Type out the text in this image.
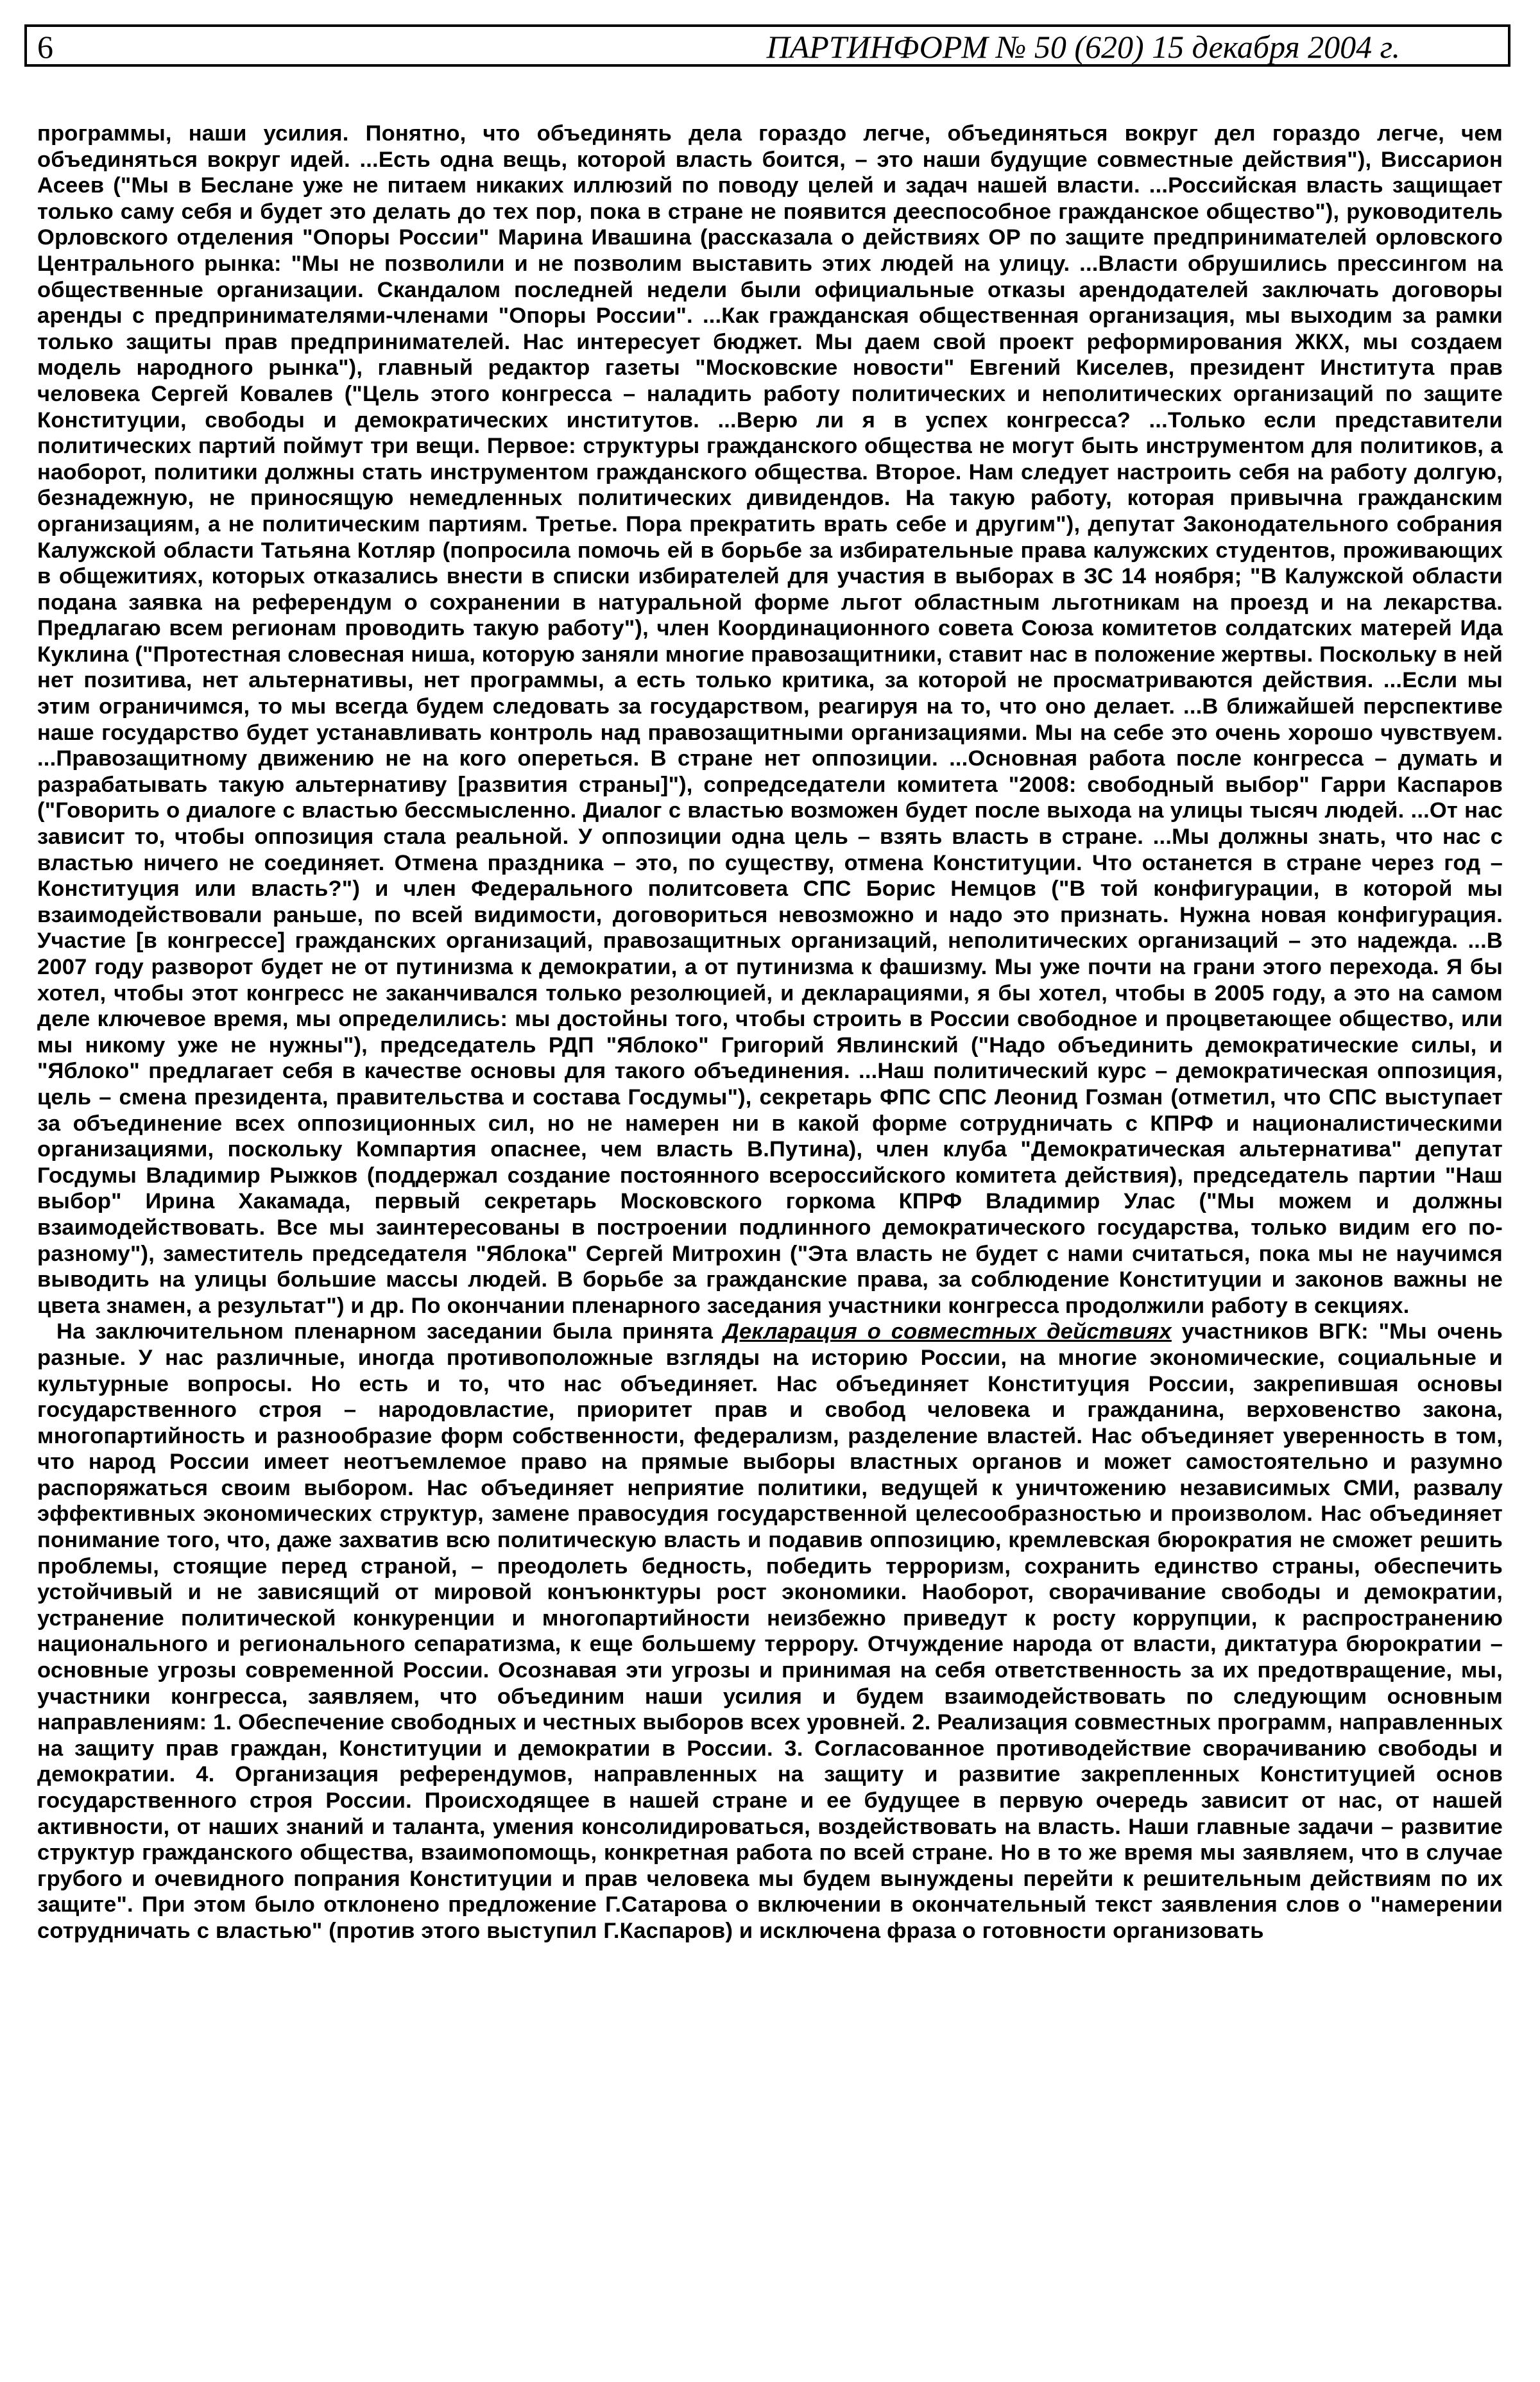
6	ПАРТИНФОРМ № 50 (620) 15 декабря 2004 г.

программы, наши усилия. Понятно, что объединять дела гораздо легче, объединяться вокруг дел гораздо легче, чем объединяться вокруг идей. ...Есть одна вещь, которой власть боится, – это наши будущие совместные действия"), Виссарион Асеев ("Мы в Беслане уже не питаем никаких иллюзий по поводу целей и задач нашей власти. ...Российская власть защищает только саму себя и будет это делать до тех пор, пока в стране не появится дееспособное гражданское общество"), руководитель Орловского отделения "Опоры России" Марина Ивашина (рассказала о действиях ОР по защите предпринимателей орловского Центрального рынка: "Мы не позволили и не позволим выставить этих людей на улицу. ...Власти обрушились прессингом на общественные организации. Скандалом последней недели были официальные отказы арендодателей заключать договоры аренды с предпринимателями-членами "Опоры России". ...Как гражданская общественная организация, мы выходим за рамки только защиты прав предпринимателей. Нас интересует бюджет. Мы даем свой проект реформирования ЖКХ, мы создаем модель народного рынка"), главный редактор газеты "Московские новости" Евгений Киселев, президент Института прав человека Сергей Ковалев ("Цель этого конгресса – наладить работу политических и неполитических организаций по защите Конституции, свободы и демократических институтов. ...Верю ли я в успех конгресса? ...Только если представители политических партий поймут три вещи. Первое: структуры гражданского общества не могут быть инструментом для политиков, а наоборот, политики должны стать инструментом гражданского общества. Второе. Нам следует настроить себя на работу долгую, безнадежную, не приносящую немедленных политических дивидендов. На такую работу, которая привычна гражданским организациям, а не политическим партиям. Третье. Пора прекратить врать себе и другим"), депутат Законодательного собрания Калужской области Татьяна Котляр (попросила помочь ей в борьбе за избирательные права калужских студентов, проживающих в общежитиях, которых отказались внести в списки избирателей для участия в выборах в ЗС 14 ноября; "В Калужской области подана заявка на референдум о сохранении в натуральной форме льгот областным льготникам на проезд и на лекарства. Предлагаю всем регионам проводить такую работу"), член Координационного совета Союза комитетов солдатских матерей Ида Куклина ("Протестная словесная ниша, которую заняли многие правозащитники, ставит нас в положение жертвы. Поскольку в ней нет позитива, нет альтернативы, нет программы, а есть только критика, за которой не просматриваются действия. ...Если мы этим ограничимся, то мы всегда будем следовать за государством, реагируя на то, что оно делает. ...В ближайшей перспективе наше государство будет устанавливать контроль над правозащитными организациями. Мы на себе это очень хорошо чувствуем. ...Правозащитному движению не на кого опереться. В стране нет оппозиции. ...Основная работа после конгресса – думать и разрабатывать такую альтернативу [развития страны]"), сопредседатели комитета "2008: свободный выбор" Гарри Каспаров ("Говорить о диалоге с властью бессмысленно. Диалог с властью возможен будет после выхода на улицы тысяч людей. ...От нас зависит то, чтобы оппозиция стала реальной. У оппозиции одна цель – взять власть в стране. ...Мы должны знать, что нас с властью ничего не соединяет. Отмена праздника – это, по существу, отмена Конституции. Что останется в стране через год – Конституция или власть?") и член Федерального политсовета СПС Борис Немцов ("В той конфигурации, в которой мы взаимодействовали раньше, по всей видимости, договориться невозможно и надо это признать. Нужна новая конфигурация. Участие [в конгрессе] гражданских организаций, правозащитных организаций, неполитических организаций – это надежда. ...В 2007 году разворот будет не от путинизма к демократии, а от путинизма к фашизму. Мы уже почти на грани этого перехода. Я бы хотел, чтобы этот конгресс не заканчивался только резолюцией, и декларациями, я бы хотел, чтобы в 2005 году, а это на самом деле ключевое время, мы определились: мы достойны того, чтобы строить в России свободное и процветающее общество, или мы никому уже не нужны"), председатель РДП "Яблоко" Григорий Явлинский ("Надо объединить демократические силы, и "Яблоко" предлагает себя в качестве основы для такого объединения. ...Наш политический курс – демократическая оппозиция, цель – смена президента, правительства и состава Госдумы"), секретарь ФПС СПС Леонид Гозман (отметил, что СПС выступает за объединение всех оппозиционных сил, но не намерен ни в какой форме сотрудничать с КПРФ и националистическими организациями, поскольку Компартия опаснее, чем власть В.Путина), член клуба "Демократическая альтернатива" депутат Госдумы Владимир Рыжков (поддержал создание постоянного всероссийского комитета действия), председатель партии "Наш выбор" Ирина Хакамада, первый секретарь Московского горкома КПРФ Владимир Улас ("Мы можем и должны взаимодействовать. Все мы заинтересованы в построении подлинного демократического государства, только видим его по-разному"), заместитель председателя "Яблока" Сергей Митрохин ("Эта власть не будет с нами считаться, пока мы не научимся выводить на улицы большие массы людей. В борьбе за гражданские права, за соблюдение Конституции и законов важны не цвета знамен, а результат") и др. По окончании пленарного заседания участники конгресса продолжили работу в секциях.

На заключительном пленарном заседании была принята Декларация о совместных действиях участников ВГК: "Мы очень разные. У нас различные, иногда противоположные взгляды на историю России, на многие экономические, социальные и культурные вопросы. Но есть и то, что нас объединяет. Нас объединяет Конституция России, закрепившая основы государственного строя – народовластие, приоритет прав и свобод человека и гражданина, верховенство закона, многопартийность и разнообразие форм собственности, федерализм, разделение властей. Нас объединяет уверенность в том, что народ России имеет неотъемлемое право на прямые выборы властных органов и может самостоятельно и разумно распоряжаться своим выбором. Нас объединяет неприятие политики, ведущей к уничтожению независимых СМИ, развалу эффективных экономических структур, замене правосудия государственной целесообразностью и произволом. Нас объединяет понимание того, что, даже захватив всю политическую власть и подавив оппозицию, кремлевская бюрократия не сможет решить проблемы, стоящие перед страной, – преодолеть бедность, победить терроризм, сохранить единство страны, обеспечить устойчивый и не зависящий от мировой конъюнктуры рост экономики. Наоборот, сворачивание свободы и демократии, устранение политической конкуренции и многопартийности неизбежно приведут к росту коррупции, к распространению национального и регионального сепаратизма, к еще большему террору. Отчуждение народа от власти, диктатура бюрократии – основные угрозы современной России. Осознавая эти угрозы и принимая на себя ответственность за их предотвращение, мы, участники конгресса, заявляем, что объединим наши усилия и будем взаимодействовать по следующим основным направлениям: 1. Обеспечение свободных и честных выборов всех уровней. 2. Реализация совместных программ, направленных на защиту прав граждан, Конституции и демократии в России. 3. Согласованное противодействие сворачиванию свободы и демократии. 4. Организация референдумов, направленных на защиту и развитие закрепленных Конституцией основ государственного строя России. Происходящее в нашей стране и ее будущее в первую очередь зависит от нас, от нашей активности, от наших знаний и таланта, умения консолидироваться, воздействовать на власть. Наши главные задачи – развитие структур гражданского общества, взаимопомощь, конкретная работа по всей стране. Но в то же время мы заявляем, что в случае грубого и очевидного попрания Конституции и прав человека мы будем вынуждены перейти к решительным действиям по их защите". При этом было отклонено предложение Г.Сатарова о включении в окончательный текст заявления слов о "намерении сотрудничать с властью" (против этого выступил Г.Каспаров) и исключена фраза о готовности организовать
